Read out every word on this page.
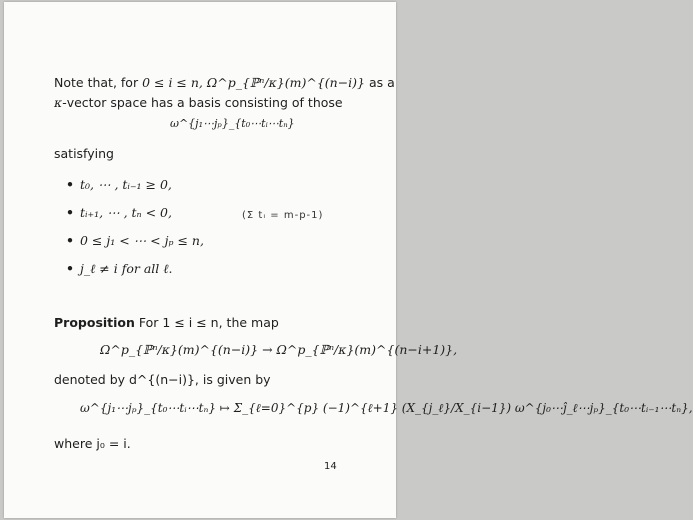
Note that, for 0 ≤ i ≤ n, Ω^p_{ℙⁿ/κ}(m)^{(n−i)} as a
κ-vector space has a basis consisting of those
ω^{j₁⋯jₚ}_{t₀⋯tᵢ⋯tₙ}
satisfying
• t₀, ⋯ , tᵢ₋₁ ≥ 0,
• tᵢ₊₁, ⋯ , tₙ < 0,	(Σ tᵢ = m-p-1)
• 0 ≤ j₁ < ⋯ < jₚ ≤ n,
• j_ℓ ≠ i for all ℓ.
Proposition For 1 ≤ i ≤ n, the map
Ω^p_{ℙⁿ/κ}(m)^{(n−i)} → Ω^p_{ℙⁿ/κ}(m)^{(n−i+1)},
denoted by d^{(n−i)}, is given by
ω^{j₁⋯jₚ}_{t₀⋯tᵢ⋯tₙ} ↦ Σ_{ℓ=0}^{p} (−1)^{ℓ+1} (X_{j_ℓ}/X_{i−1}) ω^{j₀⋯ĵ_ℓ⋯jₚ}_{t₀⋯tᵢ₋₁⋯tₙ},
where j₀ = i.
14
